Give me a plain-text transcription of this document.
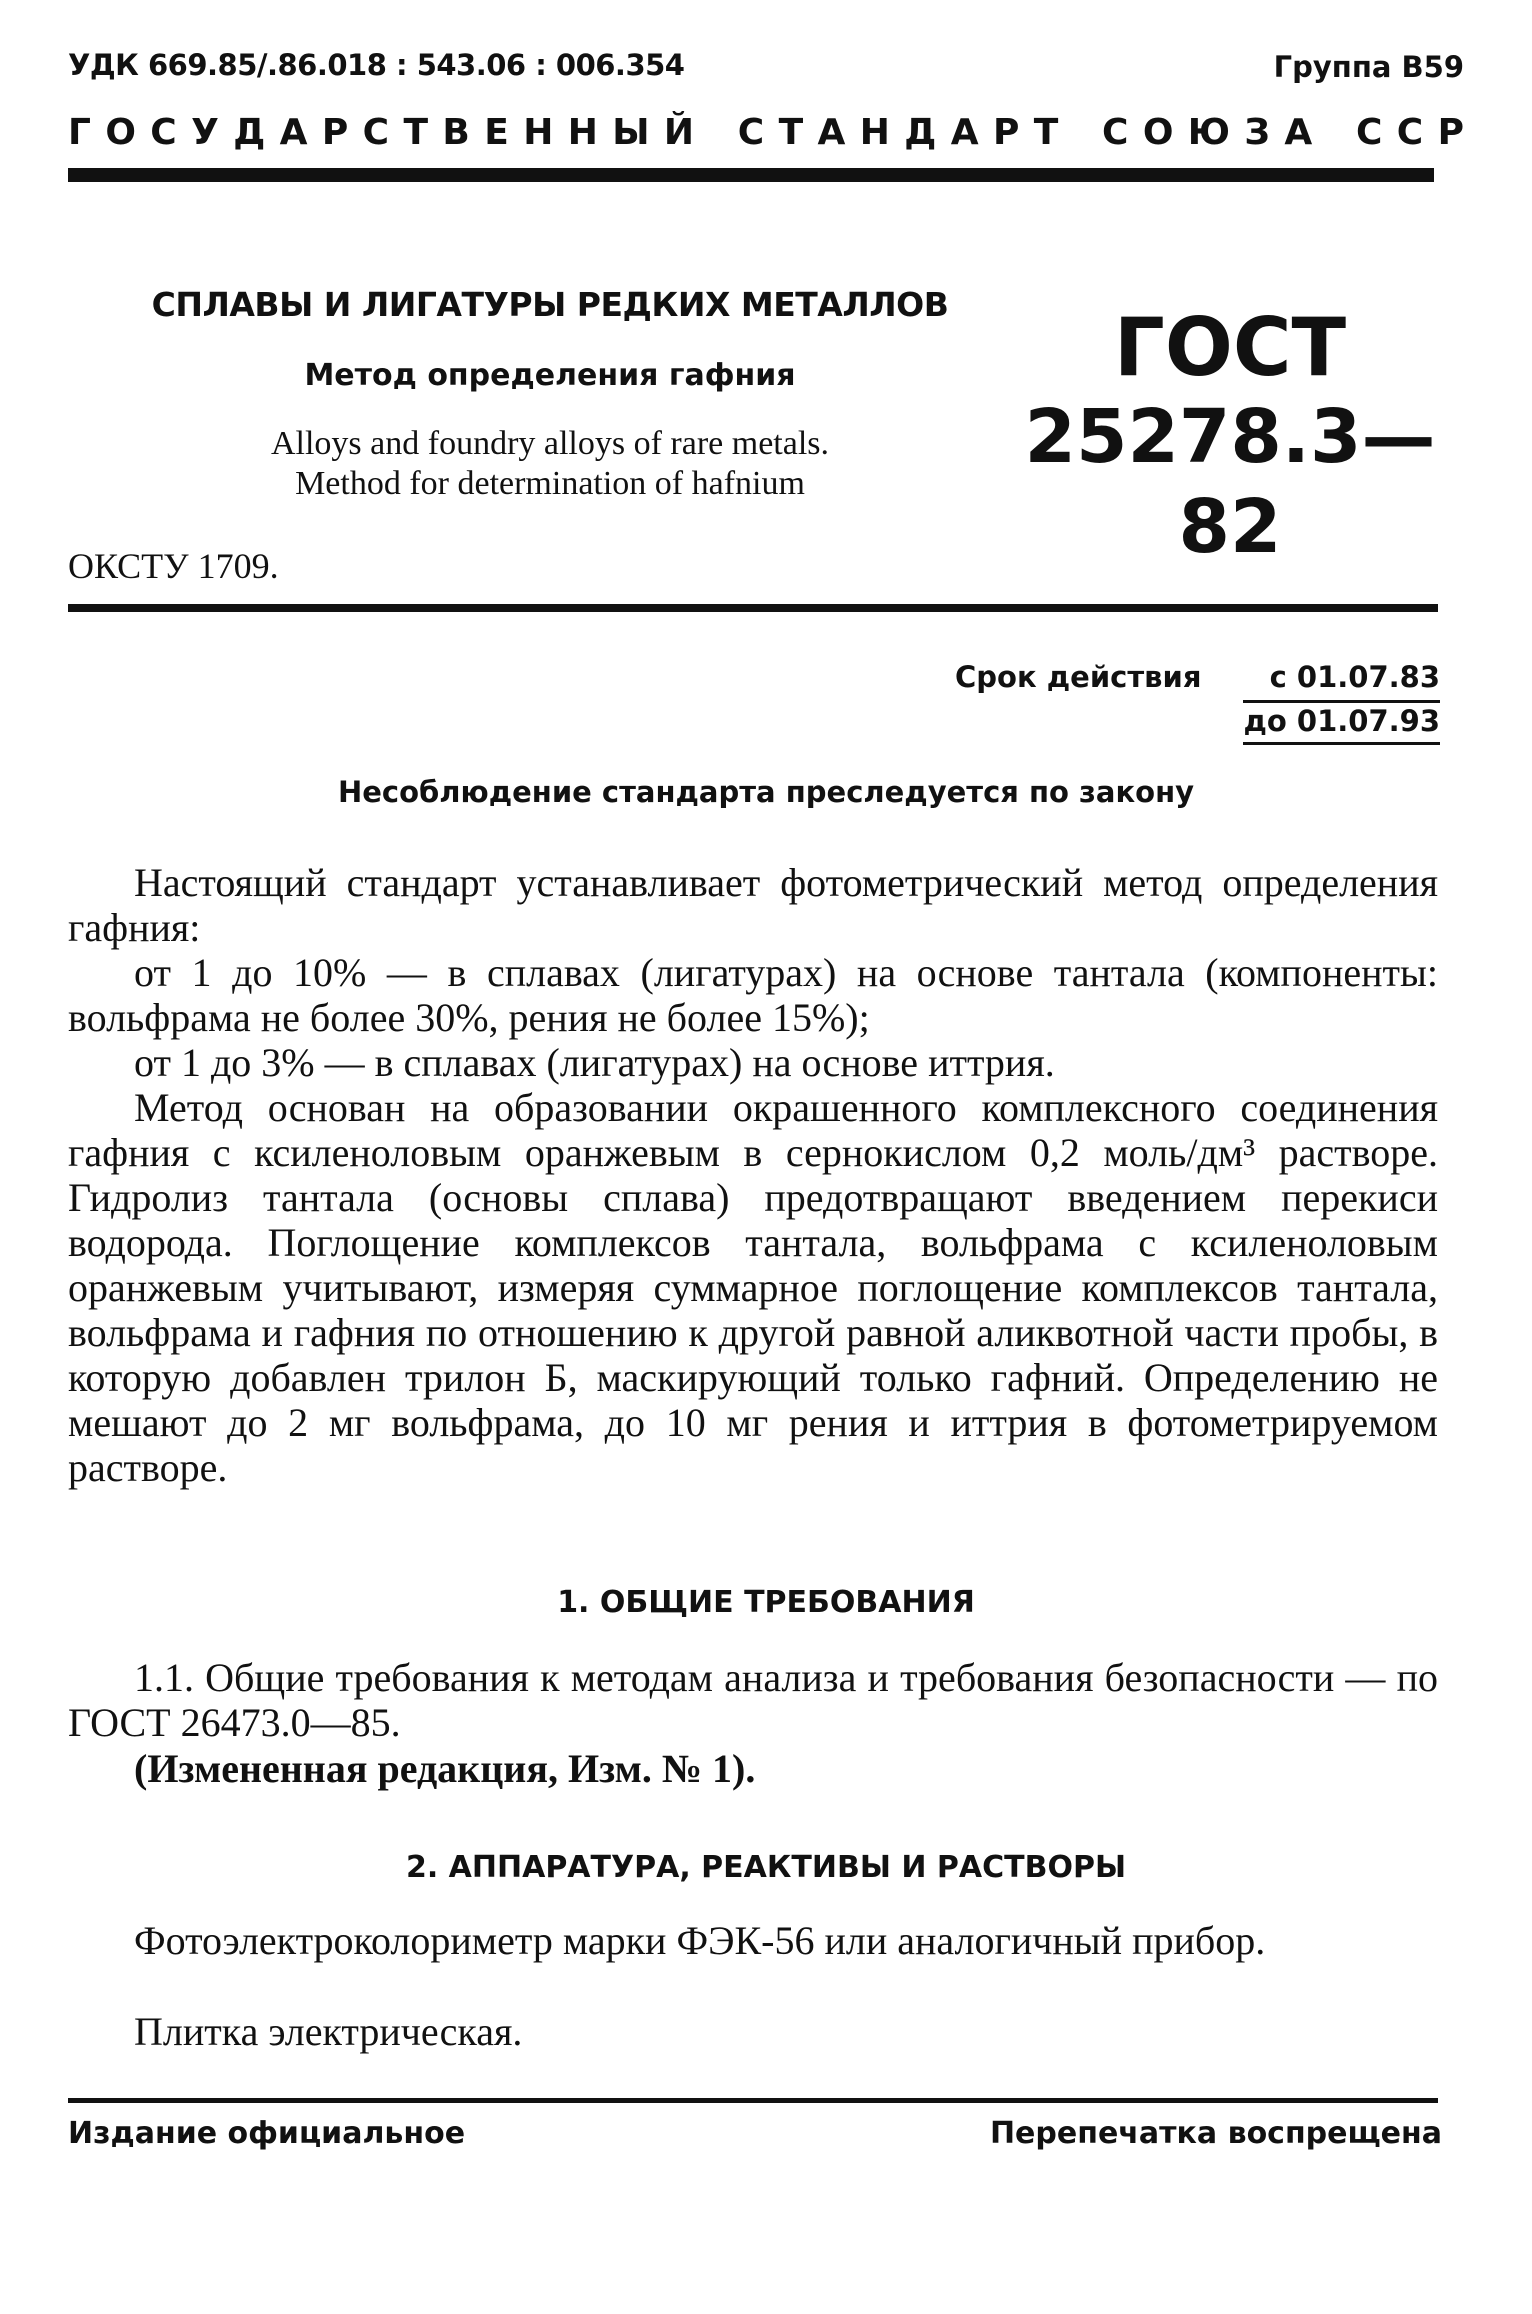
УДК 669.85/.86.018 : 543.06 : 006.354	Группа В59
Г  О  С  У  Д  А  Р  С  Т  В  Е  Н  Н  Ы  Й С  Т  А  Н  Д  А  Р  Т С  О  Ю  З  А С  С  Р
СПЛАВЫ И ЛИГАТУРЫ РЕДКИХ МЕТАЛЛОВ
Метод определения гафния
Alloys and foundry alloys of rare metals.
Method for determination of hafnium
ГОСТ
25278.3—82
ОКСТУ 1709.
Срок действия	с 01.07.83
до 01.07.93
Несоблюдение стандарта преследуется по закону
Настоящий стандарт устанавливает фотометрический метод определения гафния:
от 1 до 10% — в сплавах (лигатурах) на основе тантала (компоненты: вольфрама не более 30%, рения не более 15%);
от 1 до 3% — в сплавах (лигатурах) на основе иттрия.
Метод основан на образовании окрашенного комплексного соединения гафния с ксиленоловым оранжевым в сернокислом 0,2 моль/дм³ растворе. Гидролиз тантала (основы сплава) предотвращают введением перекиси водорода. Поглощение комплексов тантала, вольфрама с ксиленоловым оранжевым учитывают, измеряя суммарное поглощение комплексов тантала, вольфрама и гафния по отношению к другой равной аликвотной части пробы, в которую добавлен трилон Б, маскирующий только гафний. Определению не мешают до 2 мг вольфрама, до 10 мг рения и иттрия в фотометрируемом растворе.
1. ОБЩИЕ ТРЕБОВАНИЯ
1.1. Общие требования к методам анализа и требования безопасности — по ГОСТ 26473.0—85.
(Измененная редакция, Изм. № 1).
2. АППАРАТУРА, РЕАКТИВЫ И РАСТВОРЫ
Фотоэлектроколориметр марки ФЭК-56 или аналогичный прибор.
Плитка электрическая.
Издание официальное	Перепечатка воспрещена
